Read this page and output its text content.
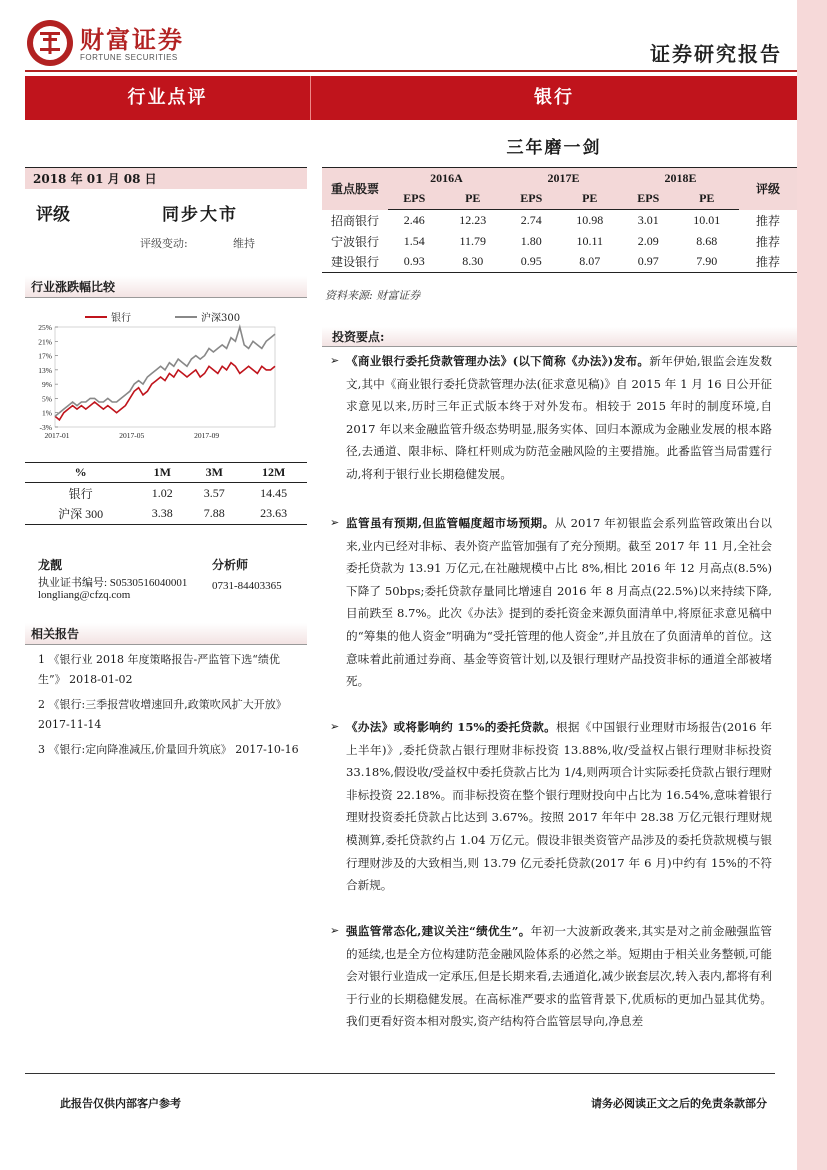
财富证券
FORTUNE SECURITIES	证券研究报告
行业点评	银行
三年磨一剑
2018 年 01 月 08 日
评级	同步大市
评级变动:	维持
行业涨跌幅比较
25%
21%
17%
13%
9%
5%
1%
-3%
2017-01	2017-05	2017-09
银行	沪深300
%	1M	3M	12M
银行	1.02	3.57	14.45
沪深 300	3.38	7.88	23.63
龙靓	分析师
执业证书编号: S0530516040001 0731-84403365
longliang@cfzq.com
相关报告
1 《银行业 2018 年度策略报告-严监管下选“绩优生”》 2018-01-02
2 《银行:三季报营收增速回升,政策吹风扩大开放》 2017-11-14
3 《银行:定向降准减压,价量回升筑底》 2017-10-16
重点股票	2016A		2017E		2018E		评级
	EPS	PE	EPS	PE	EPS	PE	
招商银行	2.46	12.23	2.74	10.98	3.01	10.01	推荐
宁波银行	1.54	11.79	1.80	10.11	2.09	8.68	推荐
建设银行	0.93	8.30	0.95	8.07	0.97	7.90	推荐
资料来源: 财富证券
投资要点:
➢ 《商业银行委托贷款管理办法》(以下简称《办法》)发布。新年伊始,银监会连发数文,其中《商业银行委托贷款管理办法(征求意见稿)》自 2015 年 1 月 16 日公开征求意见以来,历时三年正式版本终于对外发布。相较于 2015 年时的制度环境,自 2017 年以来金融监管升级态势明显,服务实体、回归本源成为金融业发展的根本路径,去通道、限非标、降杠杆则成为防范金融风险的主要措施。此番监管当局雷霆行动,将利于银行业长期稳健发展。

➢ 监管虽有预期,但监管幅度超市场预期。从 2017 年初银监会系列监管政策出台以来,业内已经对非标、表外资产监管加强有了充分预期。截至 2017 年 11 月,全社会委托贷款为 13.91 万亿元,在社融规模中占比 8%,相比 2016 年 12 月高点(8.5%)下降了 50bps;委托贷款存量同比增速自 2016 年 8 月高点(22.5%)以来持续下降,目前跌至 8.7%。此次《办法》提到的委托资金来源负面清单中,将原征求意见稿中的“筹集的他人资金”明确为“受托管理的他人资金”,并且放在了负面清单的首位。这意味着此前通过券商、基金等资管计划,以及银行理财产品投资非标的通道全部被堵死。

➢ 《办法》或将影响约 15%的委托贷款。根据《中国银行业理财市场报告(2016 年上半年)》,委托贷款占银行理财非标投资 13.88%,收/受益权占银行理财非标投资 33.18%,假设收/受益权中委托贷款占比为 1/4,则两项合计实际委托贷款占银行理财非标投资 22.18%。而非标投资在整个银行理财投向中占比为 16.54%,意味着银行理财投资委托贷款占比达到 3.67%。按照 2017 年年中 28.38 万亿元银行理财规模测算,委托贷款约占 1.04 万亿元。假设非银类资管产品涉及的委托贷款规模与银行理财涉及的大致相当,则 13.79 亿元委托贷款(2017 年 6 月)中约有 15%的不符合新规。

➢ 强监管常态化,建议关注“绩优生”。年初一大波新政袭来,其实是对之前金融强监管的延续,也是全方位构建防范金融风险体系的必然之举。短期由于相关业务整顿,可能会对银行业造成一定承压,但是长期来看,去通道化,减少嵌套层次,转入表内,都将有利于行业的长期稳健发展。在高标准严要求的监管背景下,优质标的更加凸显其优势。我们更看好资本相对殷实,资产结构符合监管层导向,净息差

此报告仅供内部客户参考	请务必阅读正文之后的免责条款部分
